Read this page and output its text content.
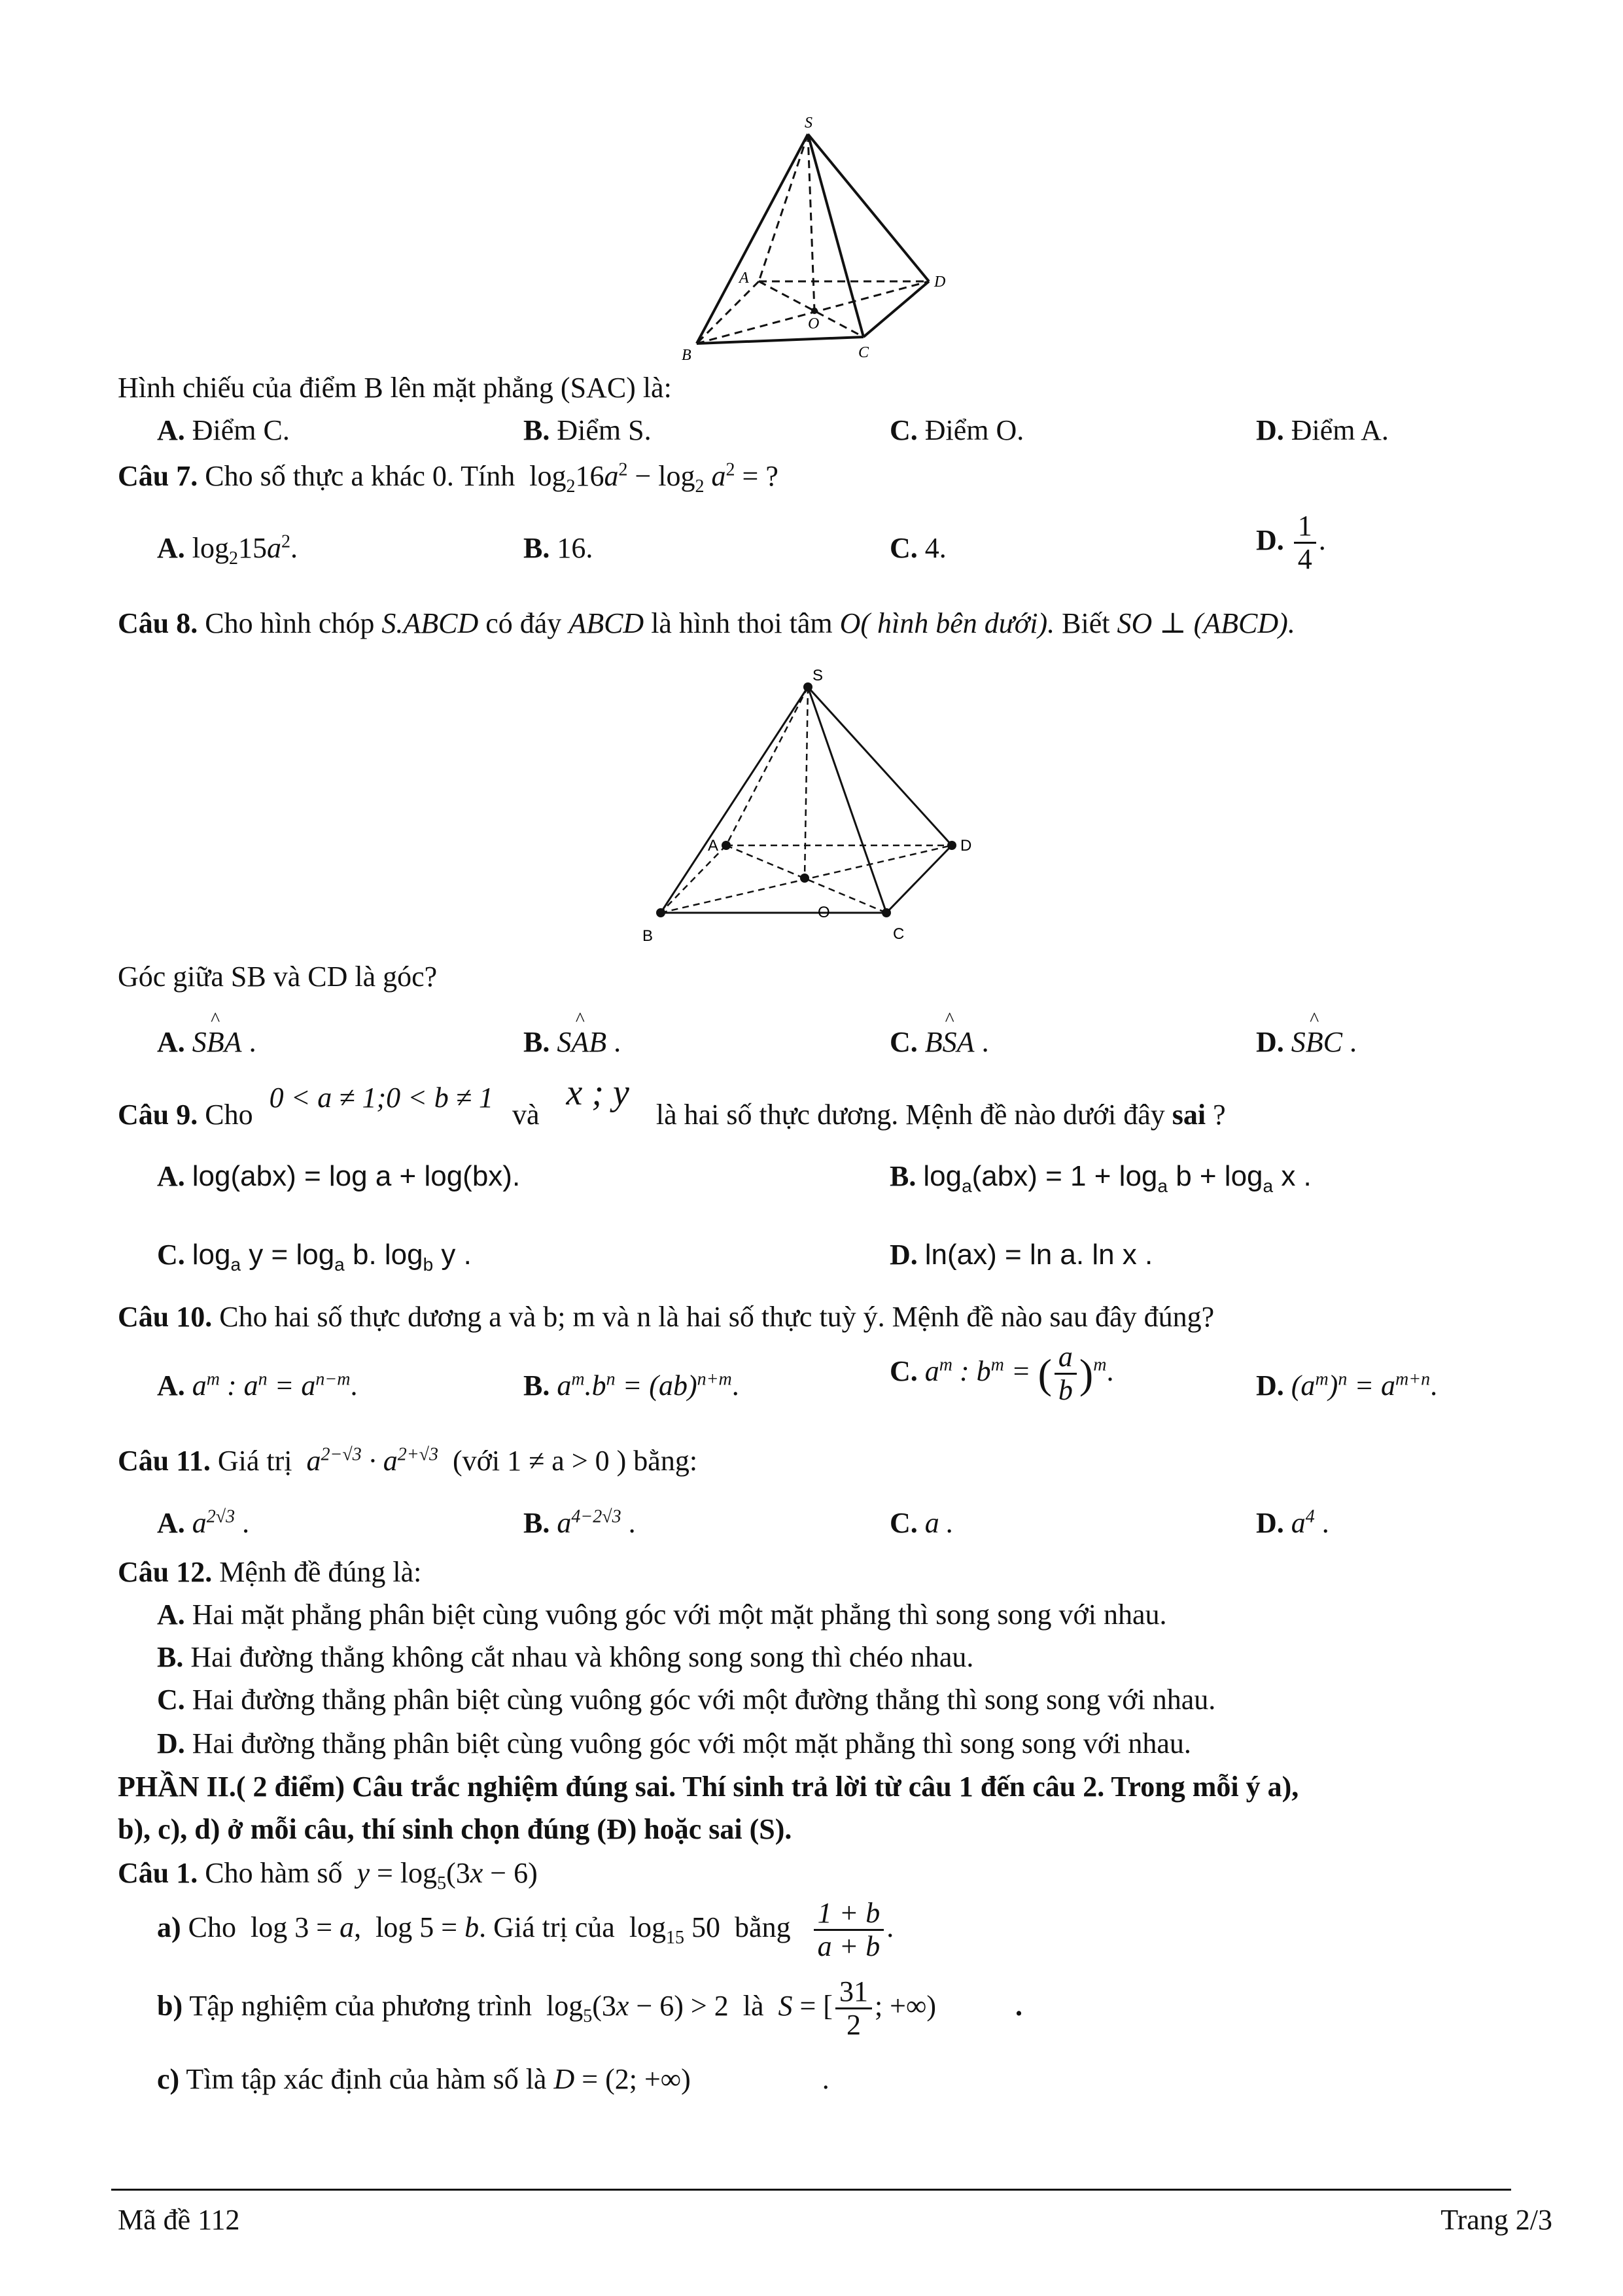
S
A
B	C
D
O
Hình chiếu của điểm B lên mặt phẳng (SAC) là:
A. Điểm C.	B. Điểm S.	C. Điểm O.	D. Điểm A.
Câu 7. Cho số thực a khác 0. Tính  $\log_216a^2 - \log_2 a^2$ = ?
A. $\log_215a^2$.	B. 16.	C. 4.	D. $\frac{1}{4}$ .
Câu 8. Cho hình chóp S.ABCD có đáy ABCD là hình thoi tâm O( hình bên dưới). Biết SO ⊥ (ABCD).
S
A
B	C
D
O
Góc giữa SB và CD là góc?
A. S^ BA .	B. S^ AB .	C. B^ SA .	D. S^ BC .
Câu 9. Cho 0 < a ≠ 1;0 < b ≠ 1 và x ; y là hai số thực dương. Mệnh đề nào dưới đây sai ?
A. log(abx) = log a + log(bx).	B. $\log_a(abx) = 1 + \log_a b + \log_a x$ .
C. $\log_a y = \log_a b$. $\log_b y$ .	D. ln(ax) = ln a. ln x .
Câu 10. Cho hai số thực dương a và b; m và n là hai số thực tuỳ ý. Mệnh đề nào sau đây đúng?
A. $a^m$ : $a^n = a^{n-m}$.	B. $a^m.b^n = (ab)^{n+m}$.	C. $a^m$ : $b^m$ = ( $\frac{a}{b} )^m$.	D. $(a^m)^n = a^{m+n}$.
Câu 11. Giá trị  $a^{2-√3} \cdot a^{2+√3}$ (với 1 ≠ a > 0 ) bằng:
A. $a^{2√3}$ .	B. $a^{4-2√3}$ .	C. a .	D. $a^4$ .
Câu 12. Mệnh đề đúng là:
A. Hai mặt phẳng phân biệt cùng vuông góc với một mặt phẳng thì song song với nhau.
B. Hai đường thẳng không cắt nhau và không song song thì chéo nhau.
C. Hai đường thẳng phân biệt cùng vuông góc với một đường thẳng thì song song với nhau.
D. Hai đường thẳng phân biệt cùng vuông góc với một mặt phẳng thì song song với nhau.
PHẦN II.( 2 điểm) Câu trắc nghiệm đúng sai. Thí sinh trả lời từ câu 1 đến câu 2. Trong mỗi ý a),
b), c), d) ở mỗi câu, thí sinh chọn đúng (Đ) hoặc sai (S).
Câu 1. Cho hàm số  $y = \log_5(3x - 6)$
a) Cho  log 3 = a,  log 5 = b. Giá trị của  $\log_{15} 50$  bằng $\frac{1 + b}{a + b}$ .
b) Tập nghiệm của phương trình  $\log_5(3x - 6) > 2$  là  S = [ $\frac{31}{2}$ ; +∞)	.
c) Tìm tập xác định của hàm số là D = (2; +∞)	.
Mã đề 112	Trang 2/3
